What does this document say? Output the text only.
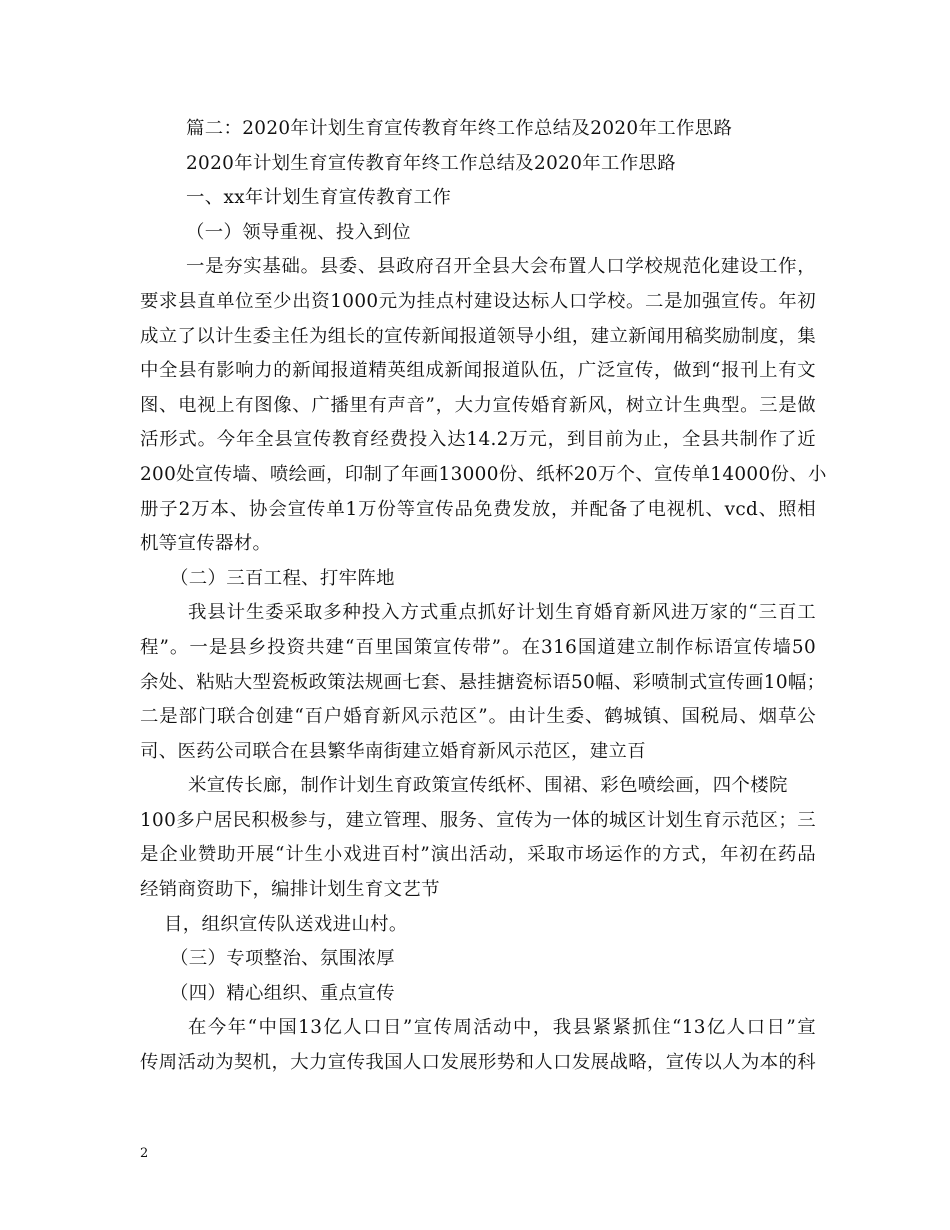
篇二：2020年计划生育宣传教育年终工作总结及2020年工作思路
2020年计划生育宣传教育年终工作总结及2020年工作思路
一、xx年计划生育宣传教育工作
（一）领导重视、投入到位
一是夯实基础。县委、县政府召开全县大会布置人口学校规范化建设工作，
要求县直单位至少出资1000元为挂点村建设达标人口学校。二是加强宣传。年初
成立了以计生委主任为组长的宣传新闻报道领导小组，建立新闻用稿奖励制度，集
中全县有影响力的新闻报道精英组成新闻报道队伍，广泛宣传，做到“报刊上有文
图、电视上有图像、广播里有声音”，大力宣传婚育新风，树立计生典型。三是做
活形式。今年全县宣传教育经费投入达14.2万元，到目前为止，全县共制作了近
200处宣传墙、喷绘画，印制了年画13000份、纸杯20万个、宣传单14000份、小
册子2万本、协会宣传单1万份等宣传品免费发放，并配备了电视机、vcd、照相
机等宣传器材。
（二）三百工程、打牢阵地
我县计生委采取多种投入方式重点抓好计划生育婚育新风进万家的“三百工
程”。一是县乡投资共建“百里国策宣传带”。在316国道建立制作标语宣传墙50
余处、粘贴大型瓷板政策法规画七套、悬挂搪瓷标语50幅、彩喷制式宣传画10幅；
二是部门联合创建“百户婚育新风示范区”。由计生委、鹤城镇、国税局、烟草公
司、医药公司联合在县繁华南街建立婚育新风示范区，建立百
米宣传长廊，制作计划生育政策宣传纸杯、围裙、彩色喷绘画，四个楼院
100多户居民积极参与，建立管理、服务、宣传为一体的城区计划生育示范区；三
是企业赞助开展“计生小戏进百村”演出活动，采取市场运作的方式，年初在药品
经销商资助下，编排计划生育文艺节
目，组织宣传队送戏进山村。
（三）专项整治、氛围浓厚
（四）精心组织、重点宣传
在今年“中国13亿人口日”宣传周活动中，我县紧紧抓住“13亿人口日”宣
传周活动为契机，大力宣传我国人口发展形势和人口发展战略，宣传以人为本的科
2
